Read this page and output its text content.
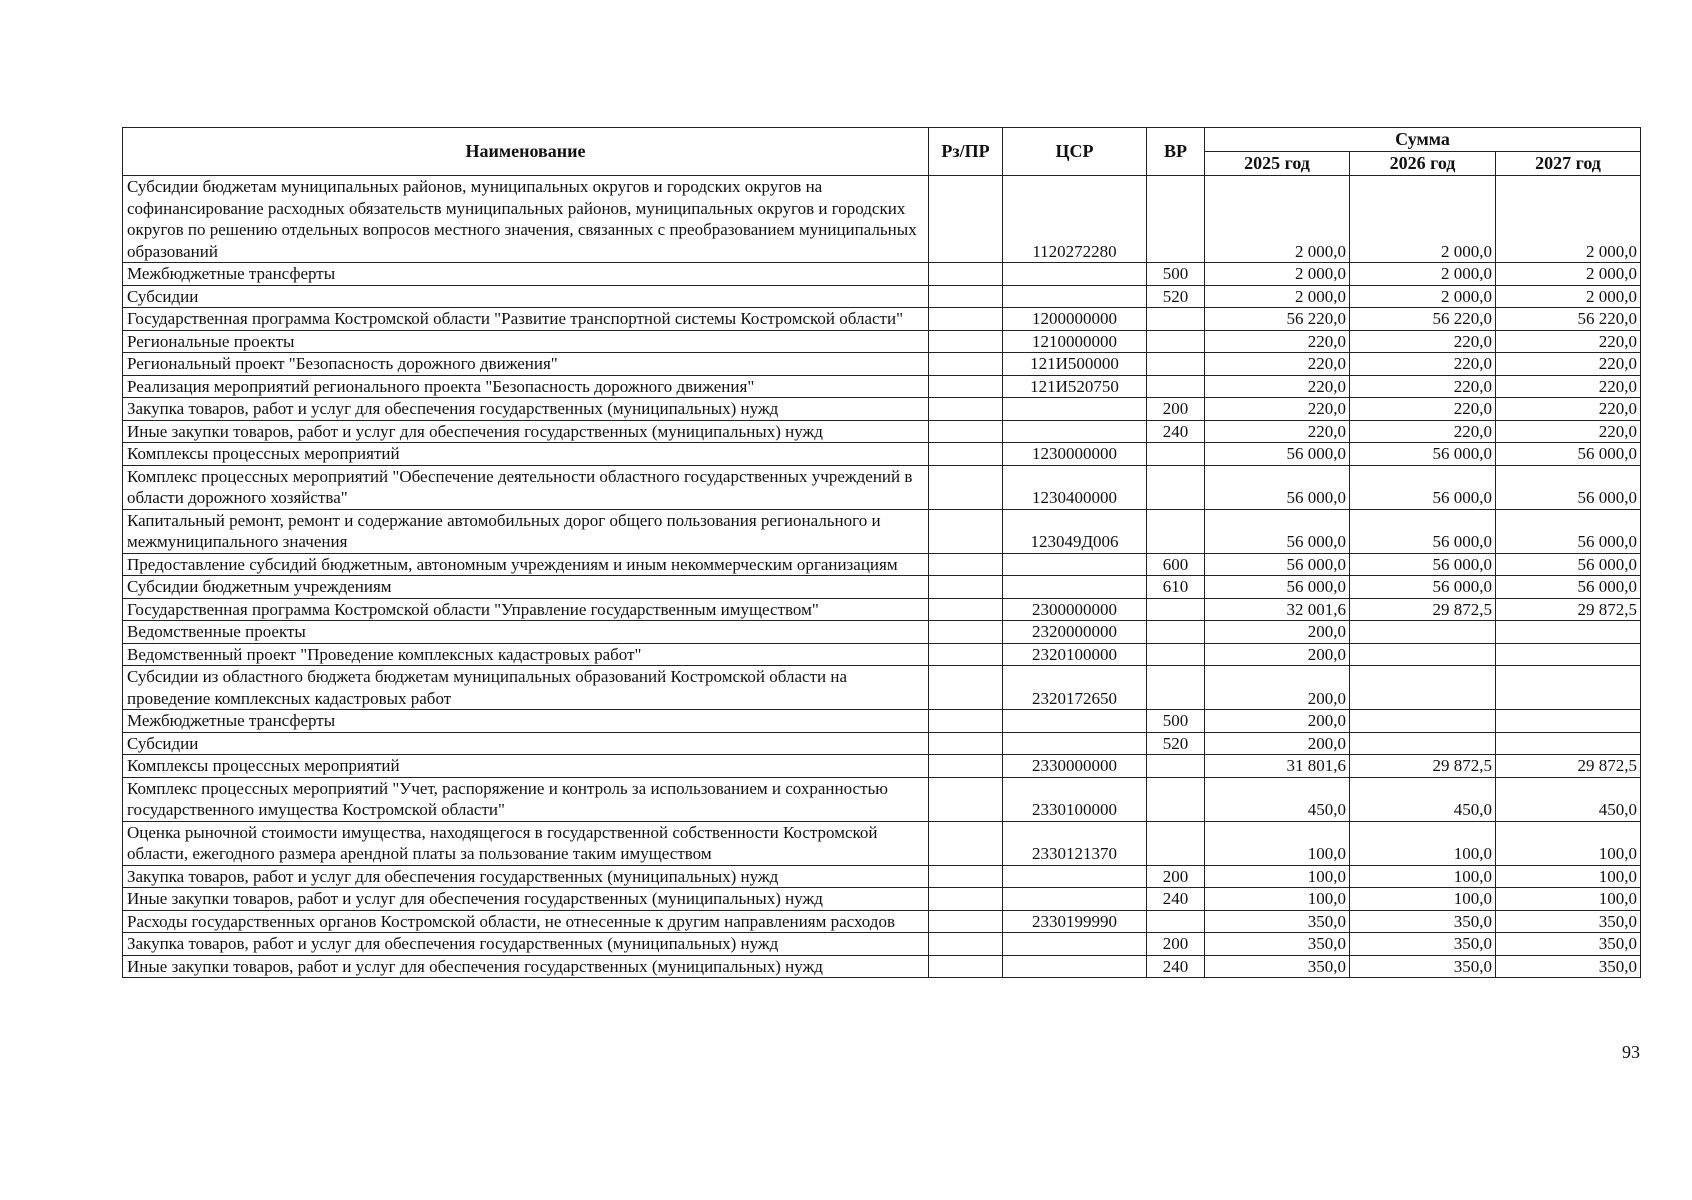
Наименование	Рз/ПР	ЦСР	ВР	Сумма		
				2025 год	2026 год	2027 год
Субсидии бюджетам муниципальных районов, муниципальных округов и городских округов на софинансирование расходных обязательств муниципальных районов, муниципальных округов и городских округов по решению отдельных вопросов местного значения, связанных с преобразованием муниципальных образований		1120272280		2 000,0	2 000,0	2 000,0
Межбюджетные трансферты			500	2 000,0	2 000,0	2 000,0
Субсидии			520	2 000,0	2 000,0	2 000,0
Государственная программа Костромской области "Развитие транспортной системы Костромской области"		1200000000		56 220,0	56 220,0	56 220,0
Региональные проекты		1210000000		220,0	220,0	220,0
Региональный проект "Безопасность дорожного движения"		121И500000		220,0	220,0	220,0
Реализация мероприятий регионального проекта "Безопасность дорожного движения"		121И520750		220,0	220,0	220,0
Закупка товаров, работ и услуг для обеспечения государственных (муниципальных) нужд			200	220,0	220,0	220,0
Иные закупки товаров, работ и услуг для обеспечения государственных (муниципальных) нужд			240	220,0	220,0	220,0
Комплексы процессных мероприятий		1230000000		56 000,0	56 000,0	56 000,0
Комплекс процессных мероприятий "Обеспечение деятельности областного государственных учреждений в области дорожного хозяйства"		1230400000		56 000,0	56 000,0	56 000,0
Капитальный ремонт, ремонт и содержание автомобильных дорог общего пользования регионального и межмуниципального значения		123049Д006		56 000,0	56 000,0	56 000,0
Предоставление субсидий бюджетным, автономным учреждениям и иным некоммерческим организациям			600	56 000,0	56 000,0	56 000,0
Субсидии бюджетным учреждениям			610	56 000,0	56 000,0	56 000,0
Государственная программа Костромской области "Управление государственным имуществом"		2300000000		32 001,6	29 872,5	29 872,5
Ведомственные проекты		2320000000		200,0		
Ведомственный проект "Проведение комплексных кадастровых работ"		2320100000		200,0		
Субсидии из областного бюджета бюджетам муниципальных образований Костромской области на проведение комплексных кадастровых работ		2320172650		200,0		
Межбюджетные трансферты			500	200,0		
Субсидии			520	200,0		
Комплексы процессных мероприятий		2330000000		31 801,6	29 872,5	29 872,5
Комплекс процессных мероприятий "Учет, распоряжение и контроль за использованием и сохранностью государственного имущества Костромской области"		2330100000		450,0	450,0	450,0
Оценка рыночной стоимости имущества, находящегося в государственной собственности Костромской области, ежегодного размера арендной платы за пользование таким имуществом		2330121370		100,0	100,0	100,0
Закупка товаров, работ и услуг для обеспечения государственных (муниципальных) нужд			200	100,0	100,0	100,0
Иные закупки товаров, работ и услуг для обеспечения государственных (муниципальных) нужд			240	100,0	100,0	100,0
Расходы государственных органов Костромской области, не отнесенные к другим направлениям расходов		2330199990		350,0	350,0	350,0
Закупка товаров, работ и услуг для обеспечения государственных (муниципальных) нужд			200	350,0	350,0	350,0
Иные закупки товаров, работ и услуг для обеспечения государственных (муниципальных) нужд			240	350,0	350,0	350,0
93
